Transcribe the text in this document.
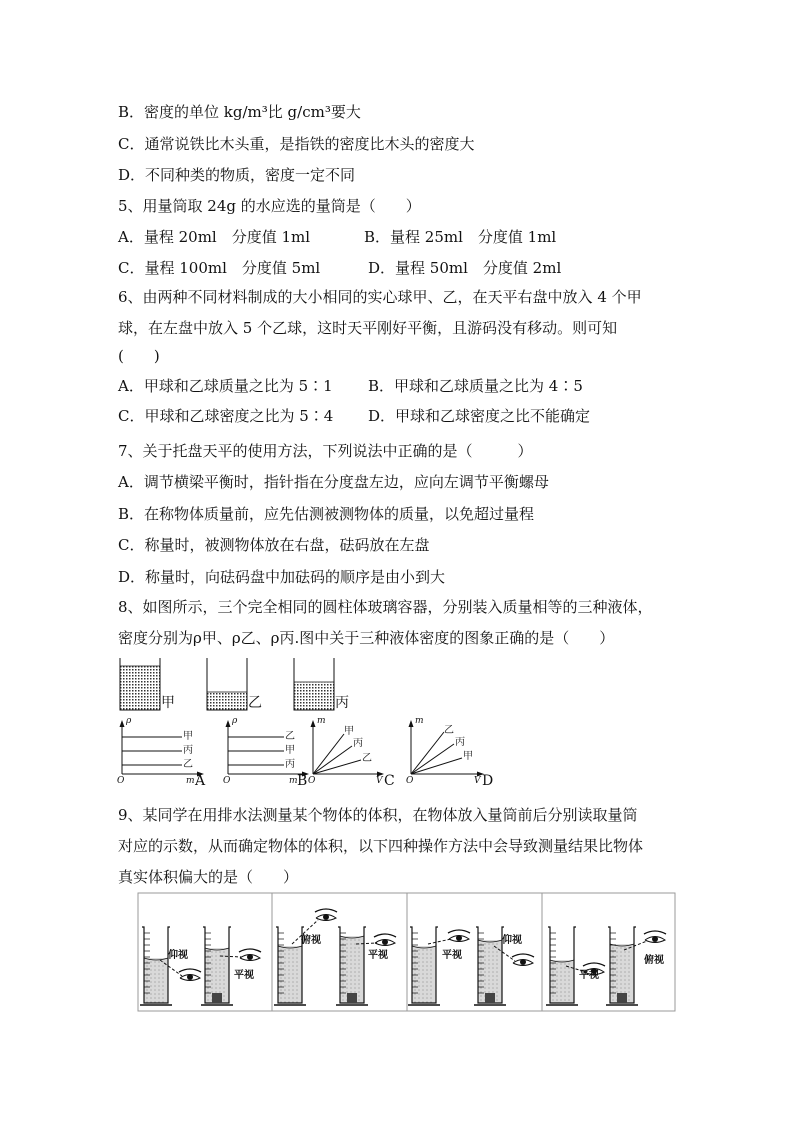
B．密度的单位 kg/m³比 g/cm³要大
C．通常说铁比木头重，是指铁的密度比木头的密度大
D．不同种类的物质，密度一定不同
5、用量筒取 24g 的水应选的量筒是（　　）
A．量程 20ml　分度值 1ml	B．量程 25ml　分度值 1ml
C．量程 100ml　分度值 5ml	D．量程 50ml　分度值 2ml
6、由两种不同材料制成的大小相同的实心球甲、乙，在天平右盘中放入 4 个甲
球，在左盘中放入 5 个乙球，这时天平刚好平衡，且游码没有移动。则可知
(　　)
A．甲球和乙球质量之比为 5∶1 B．甲球和乙球质量之比为 4∶5
C．甲球和乙球密度之比为 5∶4 D．甲球和乙球密度之比不能确定
7、关于托盘天平的使用方法，下列说法中正确的是（　　　）
A．调节横梁平衡时，指针指在分度盘左边，应向左调节平衡螺母
B．在称物体质量前，应先估测被测物体的质量，以免超过量程
C．称量时，被测物体放在右盘，砝码放在左盘
D．称量时，向砝码盘中加砝码的顺序是由小到大
8、如图所示，三个完全相同的圆柱体玻璃容器，分别装入质量相等的三种液体，
密度分别为ρ甲、ρ乙、ρ丙.图中关于三种液体密度的图象正确的是（　　）
甲	乙	丙
ρ
O	m A
甲
丙
乙
ρ
O	m B
乙
甲
丙
m
O	V C
甲
丙
乙
m
O	V D
乙
丙
甲
9、某同学在用排水法测量某个物体的体积，在物体放入量筒前后分别读取量筒
对应的示数，从而确定物体的体积，以下四种操作方法中会导致测量结果比物体
真实体积偏大的是（　　）
仰视
平视
俯视
平视	平视
仰视
平视
俯视
